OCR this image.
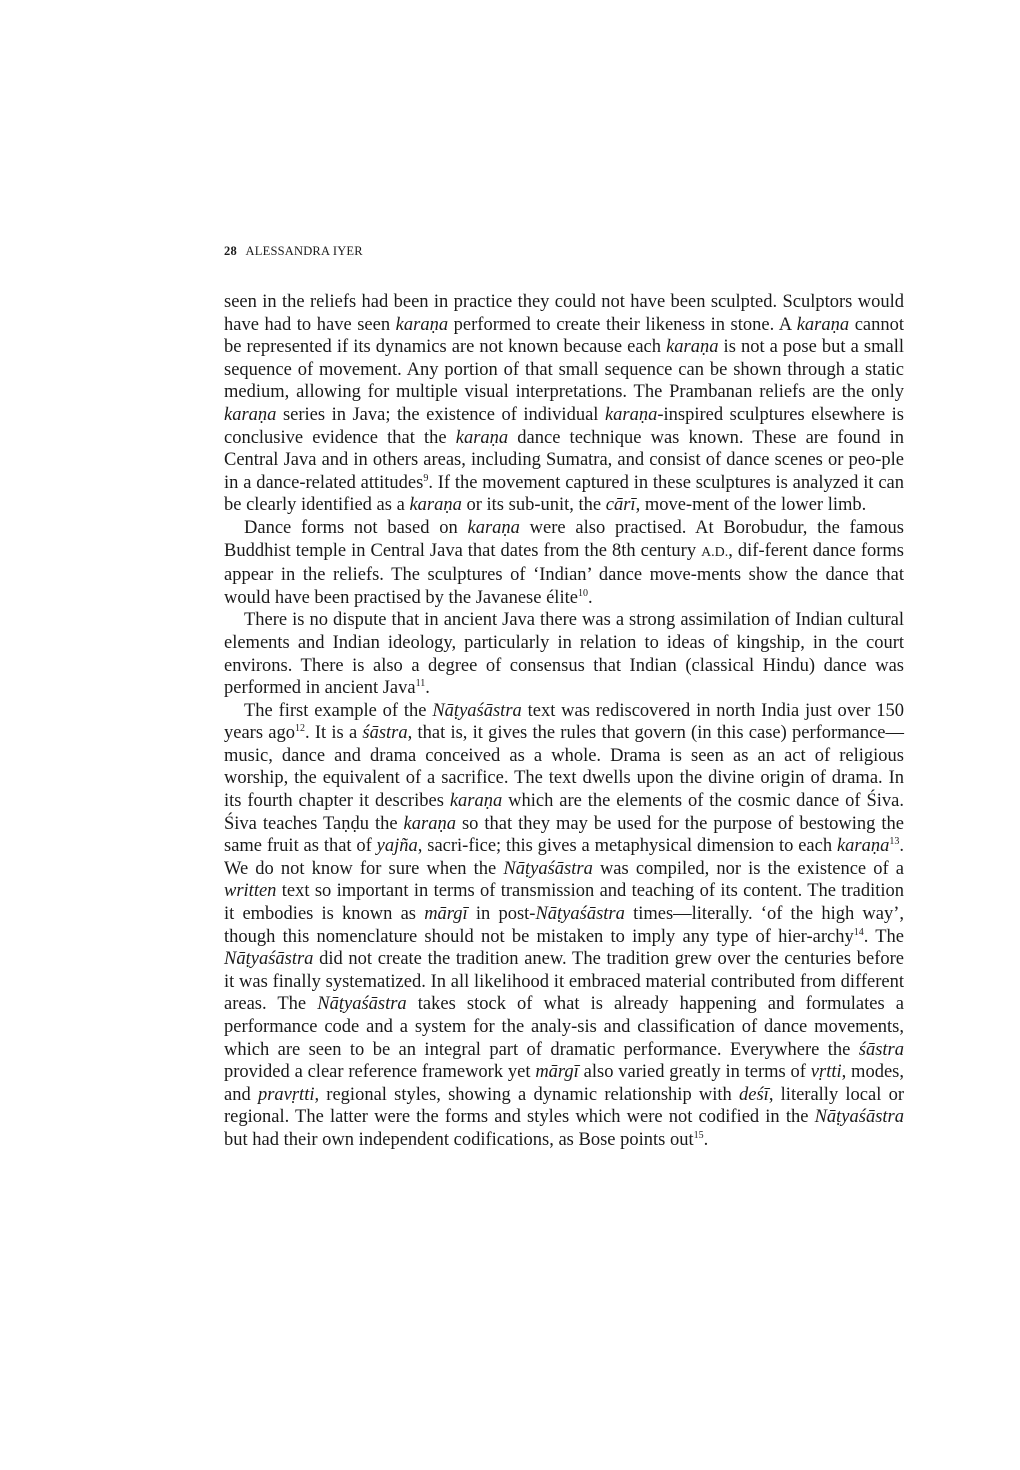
28 ALESSANDRA IYER

seen in the reliefs had been in practice they could not have been sculpted. Sculptors would have had to have seen karaṇa performed to create their likeness in stone. A karaṇa cannot be represented if its dynamics are not known because each karaṇa is not a pose but a small sequence of movement. Any portion of that small sequence can be shown through a static medium, allowing for multiple visual interpretations. The Prambanan reliefs are the only karaṇa series in Java; the existence of individual karaṇa-inspired sculptures elsewhere is conclusive evidence that the karaṇa dance technique was known. These are found in Central Java and in others areas, including Sumatra, and consist of dance scenes or peo-ple in a dance-related attitudes$^9$. If the movement captured in these sculptures is analyzed it can be clearly identified as a karaṇa or its sub-unit, the cārī, move-ment of the lower limb.

Dance forms not based on karaṇa were also practised. At Borobudur, the famous Buddhist temple in Central Java that dates from the 8th century A.D., dif-ferent dance forms appear in the reliefs. The sculptures of ‘Indian’ dance move-ments show the dance that would have been practised by the Javanese élite$^{10}$.

There is no dispute that in ancient Java there was a strong assimilation of Indian cultural elements and Indian ideology, particularly in relation to ideas of kingship, in the court environs. There is also a degree of consensus that Indian (classical Hindu) dance was performed in ancient Java$^{11}$.

The first example of the Nāṭyaśāstra text was rediscovered in north India just over 150 years ago$^{12}$. It is a śāstra, that is, it gives the rules that govern (in this case) performance—music, dance and drama conceived as a whole. Drama is seen as an act of religious worship, the equivalent of a sacrifice. The text dwells upon the divine origin of drama. In its fourth chapter it describes karaṇa which are the elements of the cosmic dance of Śiva. Śiva teaches Taṇḍu the karaṇa so that they may be used for the purpose of bestowing the same fruit as that of yajña, sacri-fice; this gives a metaphysical dimension to each karaṇa$^{13}$. We do not know for sure when the Nāṭyaśāstra was compiled, nor is the existence of a written text so important in terms of transmission and teaching of its content. The tradition it embodies is known as mārgī in post-Nāṭyaśāstra times—literally. ‘of the high way’, though this nomenclature should not be mistaken to imply any type of hier-archy$^{14}$. The Nāṭyaśāstra did not create the tradition anew. The tradition grew over the centuries before it was finally systematized. In all likelihood it embraced material contributed from different areas. The Nāṭyaśāstra takes stock of what is already happening and formulates a performance code and a system for the analy-sis and classification of dance movements, which are seen to be an integral part of dramatic performance. Everywhere the śāstra provided a clear reference framework yet mārgī also varied greatly in terms of vṛtti, modes, and pravṛtti, regional styles, showing a dynamic relationship with deśī, literally local or regional. The latter were the forms and styles which were not codified in the Nāṭyaśāstra but had their own independent codifications, as Bose points out$^{15}$.
